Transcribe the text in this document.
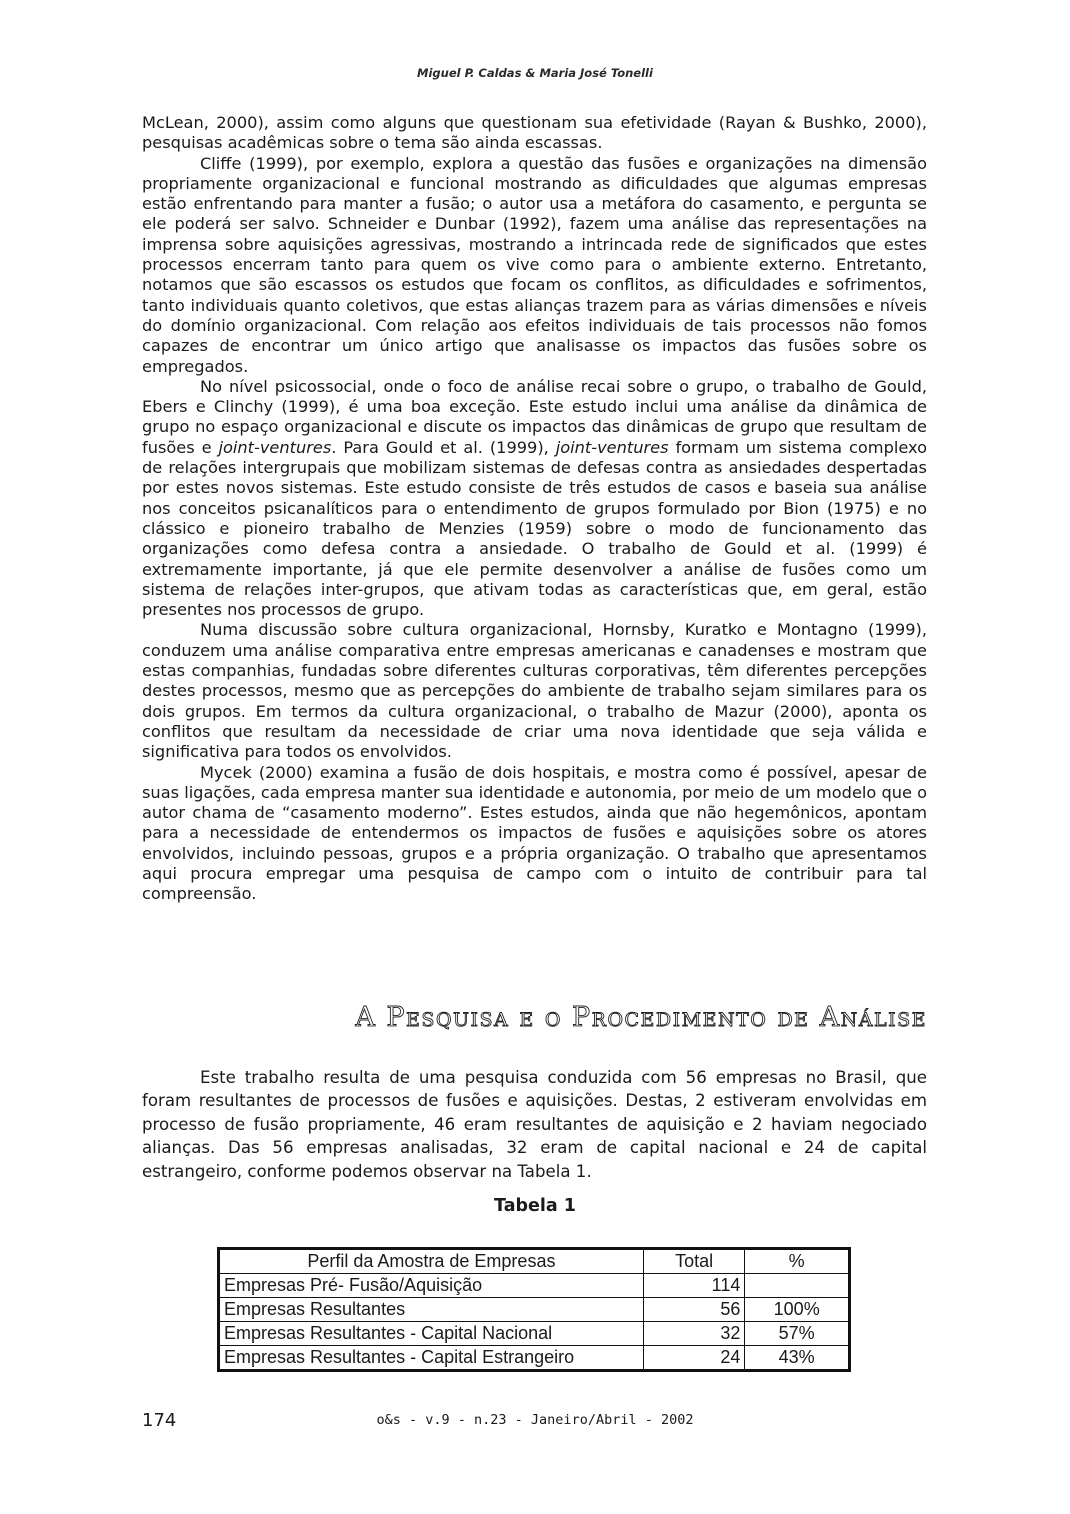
Miguel P. Caldas & Maria José Tonelli

McLean, 2000), assim como alguns que questionam sua efetividade (Rayan & Bushko, 2000), pesquisas acadêmicas sobre o tema são ainda escassas.

Cliffe (1999), por exemplo, explora a questão das fusões e organizações na dimensão propriamente organizacional e funcional mostrando as dificuldades que algumas empresas estão enfrentando para manter a fusão; o autor usa a metáfora do casamento, e pergunta se ele poderá ser salvo. Schneider e Dunbar (1992), fazem uma análise das representações na imprensa sobre aquisições agressivas, mostrando a intrincada rede de significados que estes processos encerram tanto para quem os vive como para o ambiente externo. Entretanto, notamos que são escassos os estudos que focam os conflitos, as dificuldades e sofrimentos, tanto individuais quanto coletivos, que estas alianças trazem para as várias dimensões e níveis do domínio organizacional. Com relação aos efeitos individuais de tais processos não fomos capazes de encontrar um único artigo que analisasse os impactos das fusões sobre os empregados.

No nível psicossocial, onde o foco de análise recai sobre o grupo, o trabalho de Gould, Ebers e Clinchy (1999), é uma boa exceção. Este estudo inclui uma análise da dinâmica de grupo no espaço organizacional e discute os impactos das dinâmicas de grupo que resultam de fusões e joint-ventures. Para Gould et al. (1999), joint-ventures formam um sistema complexo de relações intergrupais que mobilizam sistemas de defesas contra as ansiedades despertadas por estes novos sistemas. Este estudo consiste de três estudos de casos e baseia sua análise nos conceitos psicanalíticos para o entendimento de grupos formulado por Bion (1975) e no clássico e pioneiro trabalho de Menzies (1959) sobre o modo de funcionamento das organizações como defesa contra a ansiedade. O trabalho de Gould et al. (1999) é extremamente importante, já que ele permite desenvolver a análise de fusões como um sistema de relações inter-grupos, que ativam todas as características que, em geral, estão presentes nos processos de grupo.

Numa discussão sobre cultura organizacional, Hornsby, Kuratko e Montagno (1999), conduzem uma análise comparativa entre empresas americanas e canadenses e mostram que estas companhias, fundadas sobre diferentes culturas corporativas, têm diferentes percepções destes processos, mesmo que as percepções do ambiente de trabalho sejam similares para os dois grupos. Em termos da cultura organizacional, o trabalho de Mazur (2000), aponta os conflitos que resultam da necessidade de criar uma nova identidade que seja válida e significativa para todos os envolvidos.

Mycek (2000) examina a fusão de dois hospitais, e mostra como é possível, apesar de suas ligações, cada empresa manter sua identidade e autonomia, por meio de um modelo que o autor chama de “casamento moderno”. Estes estudos, ainda que não hegemônicos, apontam para a necessidade de entendermos os impactos de fusões e aquisições sobre os atores envolvidos, incluindo pessoas, grupos e a própria organização. O trabalho que apresentamos aqui procura empregar uma pesquisa de campo com o intuito de contribuir para tal compreensão.

A Pesquisa e o Procedimento de Análise

Este trabalho resulta de uma pesquisa conduzida com 56 empresas no Brasil, que foram resultantes de processos de fusões e aquisições. Destas, 2 estiveram envolvidas em processo de fusão propriamente, 46 eram resultantes de aquisição e 2 haviam negociado alianças. Das 56 empresas analisadas, 32 eram de capital nacional e 24 de capital estrangeiro, conforme podemos observar na Tabela 1.

Tabela 1
Perfil da Amostra de Empresas	Total	%
Empresas Pré- Fusão/Aquisição	114	
Empresas Resultantes	56	100%
Empresas Resultantes - Capital Nacional	32	57%
Empresas Resultantes - Capital Estrangeiro	24	43%
174	o&s - v.9 - n.23 - Janeiro/Abril - 2002
